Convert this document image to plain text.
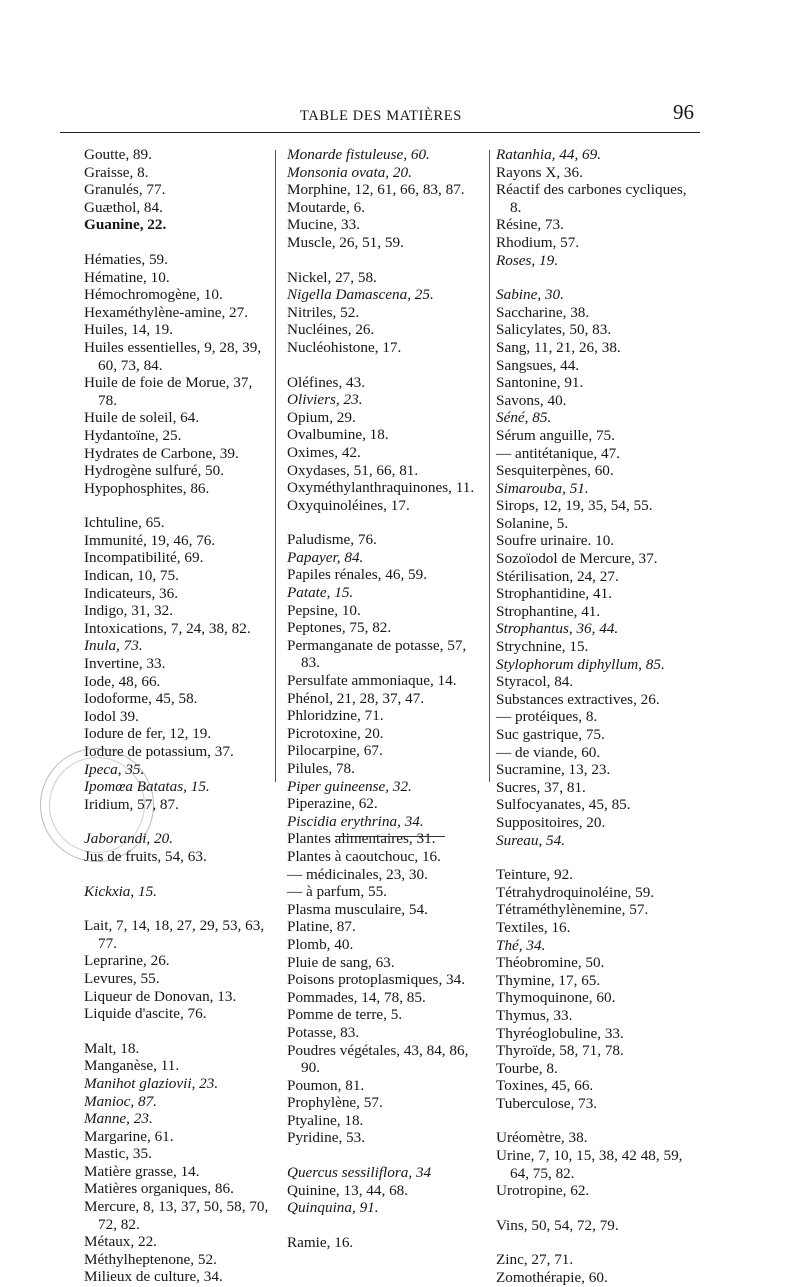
TABLE DES MATIÈRES	96
Goutte, 89.
Graisse, 8.
Granulés, 77.
Guæthol, 84.
Guanine, 22.
Hématies, 59.
Hématine, 10.
Hémochromogène, 10.
Hexaméthylène-amine, 27.
Huiles, 14, 19.
Huiles essentielles, 9, 28, 39, 60, 73, 84.
Huile de foie de Morue, 37, 78.
Huile de soleil, 64.
Hydantoïne, 25.
Hydrates de Carbone, 39.
Hydrogène sulfuré, 50.
Hypophosphites, 86.
Ichtuline, 65.
Immunité, 19, 46, 76.
Incompatibilité, 69.
Indican, 10, 75.
Indicateurs, 36.
Indigo, 31, 32.
Intoxications, 7, 24, 38, 82.
Inula, 73.
Invertine, 33.
Iode, 48, 66.
Iodoforme, 45, 58.
Iodol 39.
Iodure de fer, 12, 19.
Iodure de potassium, 37.
Ipeca, 35.
Ipomœa Batatas, 15.
Iridium, 57, 87.
Jaborandi, 20.
Jus de fruits, 54, 63.
Kickxia, 15.
Lait, 7, 14, 18, 27, 29, 53, 63, 77.
Leprarine, 26.
Levures, 55.
Liqueur de Donovan, 13.
Liquide d'ascite, 76.
Malt, 18.
Manganèse, 11.
Manihot glaziovii, 23.
Manioc, 87.
Manne, 23.
Margarine, 61.
Mastic, 35.
Matière grasse, 14.
Matières organiques, 86.
Mercure, 8, 13, 37, 50, 58, 70, 72, 82.
Métaux, 22.
Méthylheptenone, 52.
Milieux de culture, 34.
Monarde fistuleuse, 60.
Monsonia ovata, 20.
Morphine, 12, 61, 66, 83, 87.
Moutarde, 6.
Mucine, 33.
Muscle, 26, 51, 59.
Nickel, 27, 58.
Nigella Damascena, 25.
Nitriles, 52.
Nucléines, 26.
Nucléohistone, 17.
Oléfines, 43.
Oliviers, 23.
Opium, 29.
Ovalbumine, 18.
Oximes, 42.
Oxydases, 51, 66, 81.
Oxyméthylanthraquinones, 11.
Oxyquinoléines, 17.
Paludisme, 76.
Papayer, 84.
Papiles rénales, 46, 59.
Patate, 15.
Pepsine, 10.
Peptones, 75, 82.
Permanganate de potasse, 57, 83.
Persulfate ammoniaque, 14.
Phénol, 21, 28, 37, 47.
Phloridzine, 71.
Picrotoxine, 20.
Pilocarpine, 67.
Pilules, 78.
Piper guineense, 32.
Piperazine, 62.
Piscidia erythrina, 34.
Plantes alimentaires, 31.
Plantes à caoutchouc, 16.
— médicinales, 23, 30.
— à parfum, 55.
Plasma musculaire, 54.
Platine, 87.
Plomb, 40.
Pluie de sang, 63.
Poisons protoplasmiques, 34.
Pommades, 14, 78, 85.
Pomme de terre, 5.
Potasse, 83.
Poudres végétales, 43, 84, 86, 90.
Poumon, 81.
Prophylène, 57.
Ptyaline, 18.
Pyridine, 53.
Quercus sessiliflora, 34
Quinine, 13, 44, 68.
Quinquina, 91.
Ramie, 16.
Ratanhia, 44, 69.
Rayons X, 36.
Réactif des carbones cycliques, 8.
Résine, 73.
Rhodium, 57.
Roses, 19.
Sabine, 30.
Saccharine, 38.
Salicylates, 50, 83.
Sang, 11, 21, 26, 38.
Sangsues, 44.
Santonine, 91.
Savons, 40.
Séné, 85.
Sérum anguille, 75.
— antitétanique, 47.
Sesquiterpènes, 60.
Simarouba, 51.
Sirops, 12, 19, 35, 54, 55.
Solanine, 5.
Soufre urinaire. 10.
Sozoïodol de Mercure, 37.
Stérilisation, 24, 27.
Strophantidine, 41.
Strophantine, 41.
Strophantus, 36, 44.
Strychnine, 15.
Stylophorum diphyllum, 85.
Styracol, 84.
Substances extractives, 26.
— protéiques, 8.
Suc gastrique, 75.
— de viande, 60.
Sucramine, 13, 23.
Sucres, 37, 81.
Sulfocyanates, 45, 85.
Suppositoires, 20.
Sureau, 54.
Teinture, 92.
Tétrahydroquinoléine, 59.
Tétraméthylènemine, 57.
Textiles, 16.
Thé, 34.
Théobromine, 50.
Thymine, 17, 65.
Thymoquinone, 60.
Thymus, 33.
Thyréoglobuline, 33.
Thyroïde, 58, 71, 78.
Tourbe, 8.
Toxines, 45, 66.
Tuberculose, 73.
Uréomètre, 38.
Urine, 7, 10, 15, 38, 42 48, 59, 64, 75, 82.
Urotropine, 62.
Vins, 50, 54, 72, 79.
Zinc, 27, 71.
Zomothérapie, 60.
